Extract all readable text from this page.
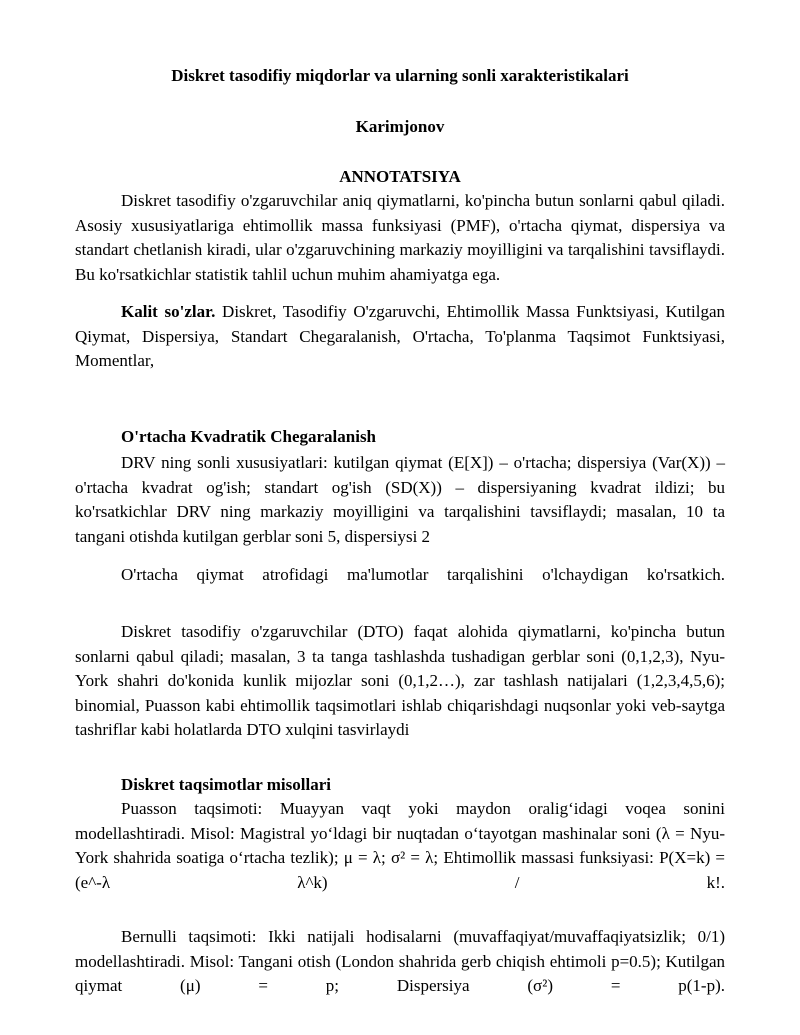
Diskret tasodifiy miqdorlar va ularning sonli xarakteristikalari
Karimjonov
ANNOTATSIYA
Diskret tasodifiy o'zgaruvchilar aniq qiymatlarni, ko'pincha butun sonlarni qabul qiladi. Asosiy xususiyatlariga ehtimollik massa funksiyasi (PMF), o'rtacha qiymat, dispersiya va standart chetlanish kiradi, ular o'zgaruvchining markaziy moyilligini va tarqalishini tavsiflaydi. Bu ko'rsatkichlar statistik tahlil uchun muhim ahamiyatga ega.
Kalit so'zlar. Diskret, Tasodifiy O'zgaruvchi, Ehtimollik Massa Funktsiyasi, Kutilgan Qiymat, Dispersiya, Standart Chegaralanish, O'rtacha, To'planma Taqsimot Funktsiyasi, Momentlar,
O'rtacha Kvadratik Chegaralanish
DRV ning sonli xususiyatlari: kutilgan qiymat (E[X]) – o'rtacha; dispersiya (Var(X)) – o'rtacha kvadrat og'ish; standart og'ish (SD(X)) – dispersiyaning kvadrat ildizi; bu ko'rsatkichlar DRV ning markaziy moyilligini va tarqalishini tavsiflaydi; masalan, 10 ta tangani otishda kutilgan gerblar soni 5, dispersiysi 2
O'rtacha qiymat atrofidagi ma'lumotlar tarqalishini o'lchaydigan ko'rsatkich.
Diskret tasodifiy o'zgaruvchilar (DTO) faqat alohida qiymatlarni, ko'pincha butun sonlarni qabul qiladi; masalan, 3 ta tanga tashlashda tushadigan gerblar soni (0,1,2,3), Nyu-York shahri do'konida kunlik mijozlar soni (0,1,2…), zar tashlash natijalari (1,2,3,4,5,6); binomial, Puasson kabi ehtimollik taqsimotlari ishlab chiqarishdagi nuqsonlar yoki veb-saytga tashriflar kabi holatlarda DTO xulqini tasvirlaydi
Diskret taqsimotlar misollari
Puasson taqsimoti: Muayyan vaqt yoki maydon oralig‘idagi voqea sonini modellashtiradi. Misol: Magistral yo‘ldagi bir nuqtadan o‘tayotgan mashinalar soni (λ = Nyu-York shahrida soatiga o‘rtacha tezlik); μ = λ; σ² = λ; Ehtimollik massasi funksiyasi: P(X=k) = (e^-λ λ^k) / k!.
Bernulli taqsimoti: Ikki natijali hodisalarni (muvaffaqiyat/muvaffaqiyatsizlik; 0/1) modellashtiradi. Misol: Tangani otish (London shahrida gerb chiqish ehtimoli p=0.5); Kutilgan qiymat (μ) = p; Dispersiya (σ²) = p(1-p).
